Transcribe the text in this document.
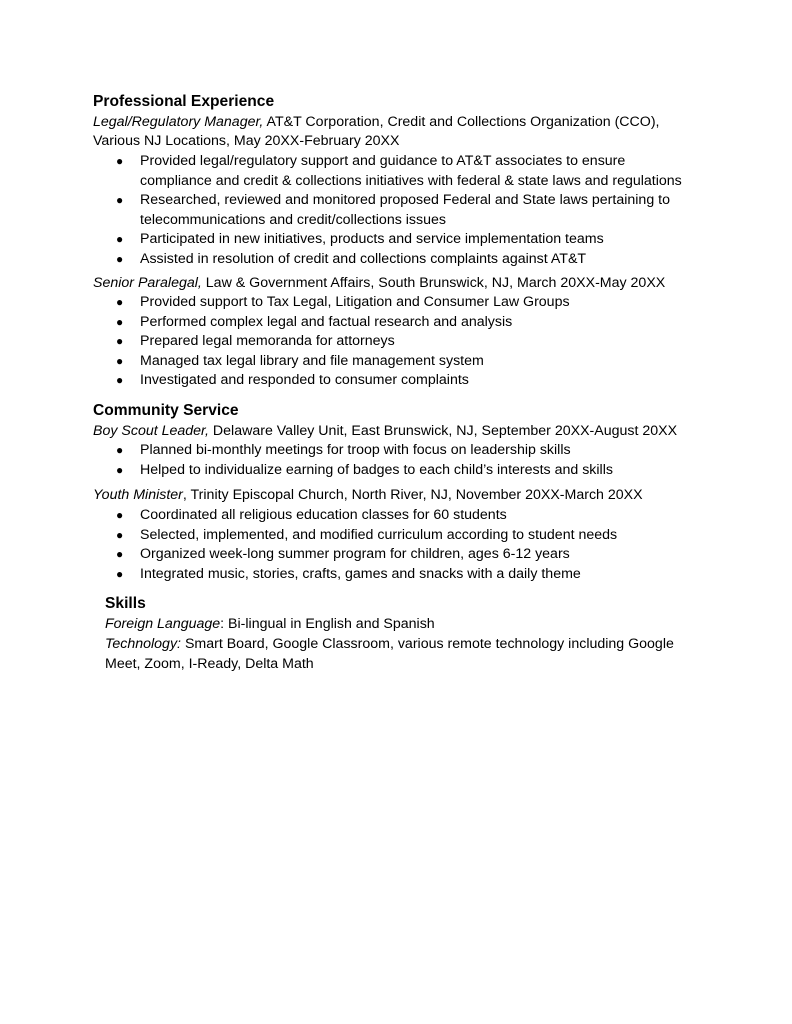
Professional Experience
Legal/Regulatory Manager, AT&T Corporation, Credit and Collections Organization (CCO),
Various NJ Locations, May 20XX-February 20XX
● Provided legal/regulatory support and guidance to AT&T associates to ensure compliance and credit & collections initiatives with federal & state laws and regulations
● Researched, reviewed and monitored proposed Federal and State laws pertaining to telecommunications and credit/collections issues
● Participated in new initiatives, products and service implementation teams
● Assisted in resolution of credit and collections complaints against AT&T
Senior Paralegal, Law & Government Affairs, South Brunswick, NJ, March 20XX-May 20XX
● Provided support to Tax Legal, Litigation and Consumer Law Groups
● Performed complex legal and factual research and analysis
● Prepared legal memoranda for attorneys
● Managed tax legal library and file management system
● Investigated and responded to consumer complaints
Community Service
Boy Scout Leader, Delaware Valley Unit, East Brunswick, NJ, September 20XX-August 20XX
● Planned bi-monthly meetings for troop with focus on leadership skills
● Helped to individualize earning of badges to each child’s interests and skills
Youth Minister, Trinity Episcopal Church, North River, NJ, November 20XX-March 20XX
● Coordinated all religious education classes for 60 students
● Selected, implemented, and modified curriculum according to student needs
● Organized week-long summer program for children, ages 6-12 years
● Integrated music, stories, crafts, games and snacks with a daily theme
Skills
Foreign Language: Bi-lingual in English and Spanish
Technology: Smart Board, Google Classroom, various remote technology including Google Meet, Zoom, I-Ready, Delta Math
